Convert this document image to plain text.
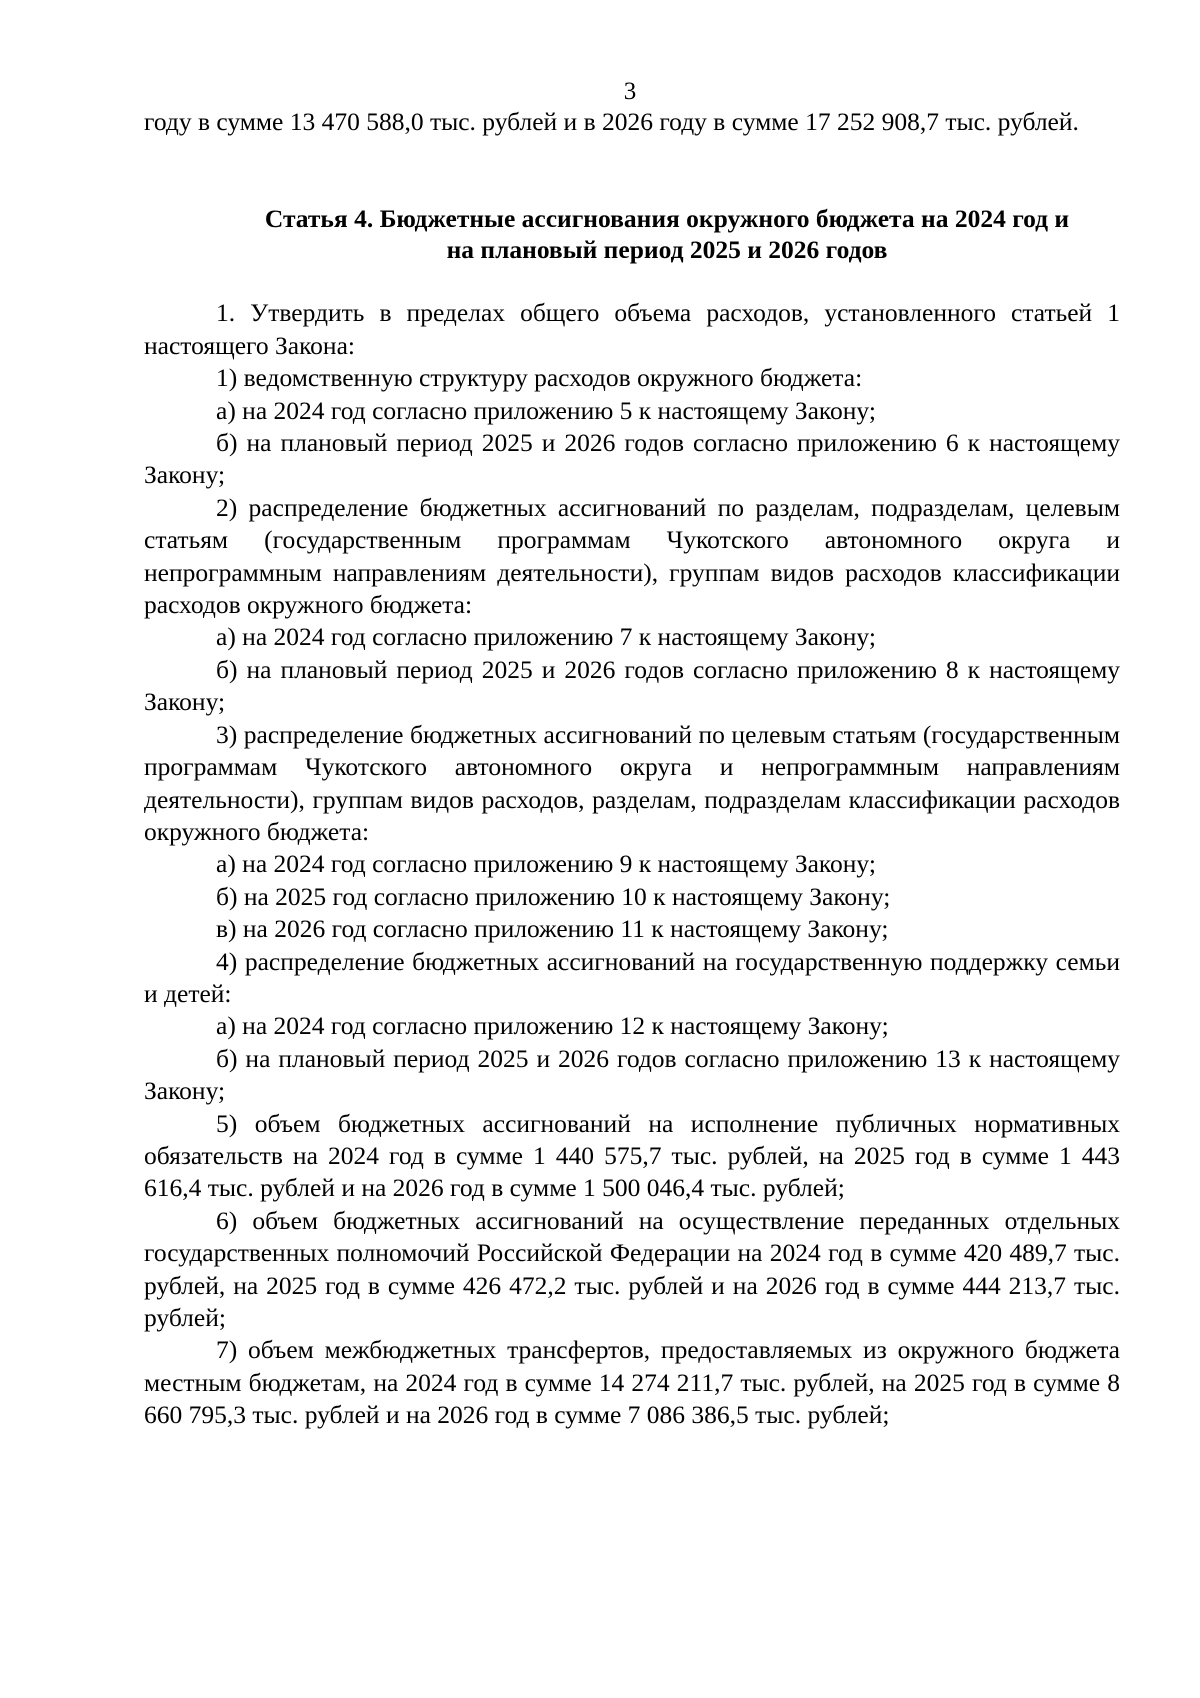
3

году в сумме 13 470 588,0 тыс. рублей и в 2026 году в сумме 17 252 908,7 тыс. рублей.

Статья 4. Бюджетные ассигнования окружного бюджета на 2024 год и
на плановый период 2025 и 2026 годов

1. Утвердить в пределах общего объема расходов, установленного статьей 1 настоящего Закона:

1) ведомственную структуру расходов окружного бюджета:

а) на 2024 год согласно приложению 5 к настоящему Закону;

б) на плановый период 2025 и 2026 годов согласно приложению 6 к настоящему Закону;

2) распределение бюджетных ассигнований по разделам, подразделам, целевым статьям (государственным программам Чукотского автономного округа и непрограммным направлениям деятельности), группам видов расходов классификации расходов окружного бюджета:

а) на 2024 год согласно приложению 7 к настоящему Закону;

б) на плановый период 2025 и 2026 годов согласно приложению 8 к настоящему Закону;

3) распределение бюджетных ассигнований по целевым статьям (государственным программам Чукотского автономного округа и непрограммным направлениям деятельности), группам видов расходов, разделам, подразделам классификации расходов окружного бюджета:

а) на 2024 год согласно приложению 9 к настоящему Закону;

б) на 2025 год согласно приложению 10 к настоящему Закону;

в) на 2026 год согласно приложению 11 к настоящему Закону;

4) распределение бюджетных ассигнований на государственную поддержку семьи и детей:

а) на 2024 год согласно приложению 12 к настоящему Закону;

б) на плановый период 2025 и 2026 годов согласно приложению 13 к настоящему Закону;

5) объем бюджетных ассигнований на исполнение публичных нормативных обязательств на 2024 год в сумме 1 440 575,7 тыс. рублей, на 2025 год в сумме 1 443 616,4 тыс. рублей и на 2026 год в сумме 1 500 046,4 тыс. рублей;

6) объем бюджетных ассигнований на осуществление переданных отдельных государственных полномочий Российской Федерации на 2024 год в сумме 420 489,7 тыс. рублей, на 2025 год в сумме 426 472,2 тыс. рублей и на 2026 год в сумме 444 213,7 тыс. рублей;

7) объем межбюджетных трансфертов, предоставляемых из окружного бюджета местным бюджетам, на 2024 год в сумме 14 274 211,7 тыс. рублей, на 2025 год в сумме 8 660 795,3 тыс. рублей и на 2026 год в сумме 7 086 386,5 тыс. рублей;
